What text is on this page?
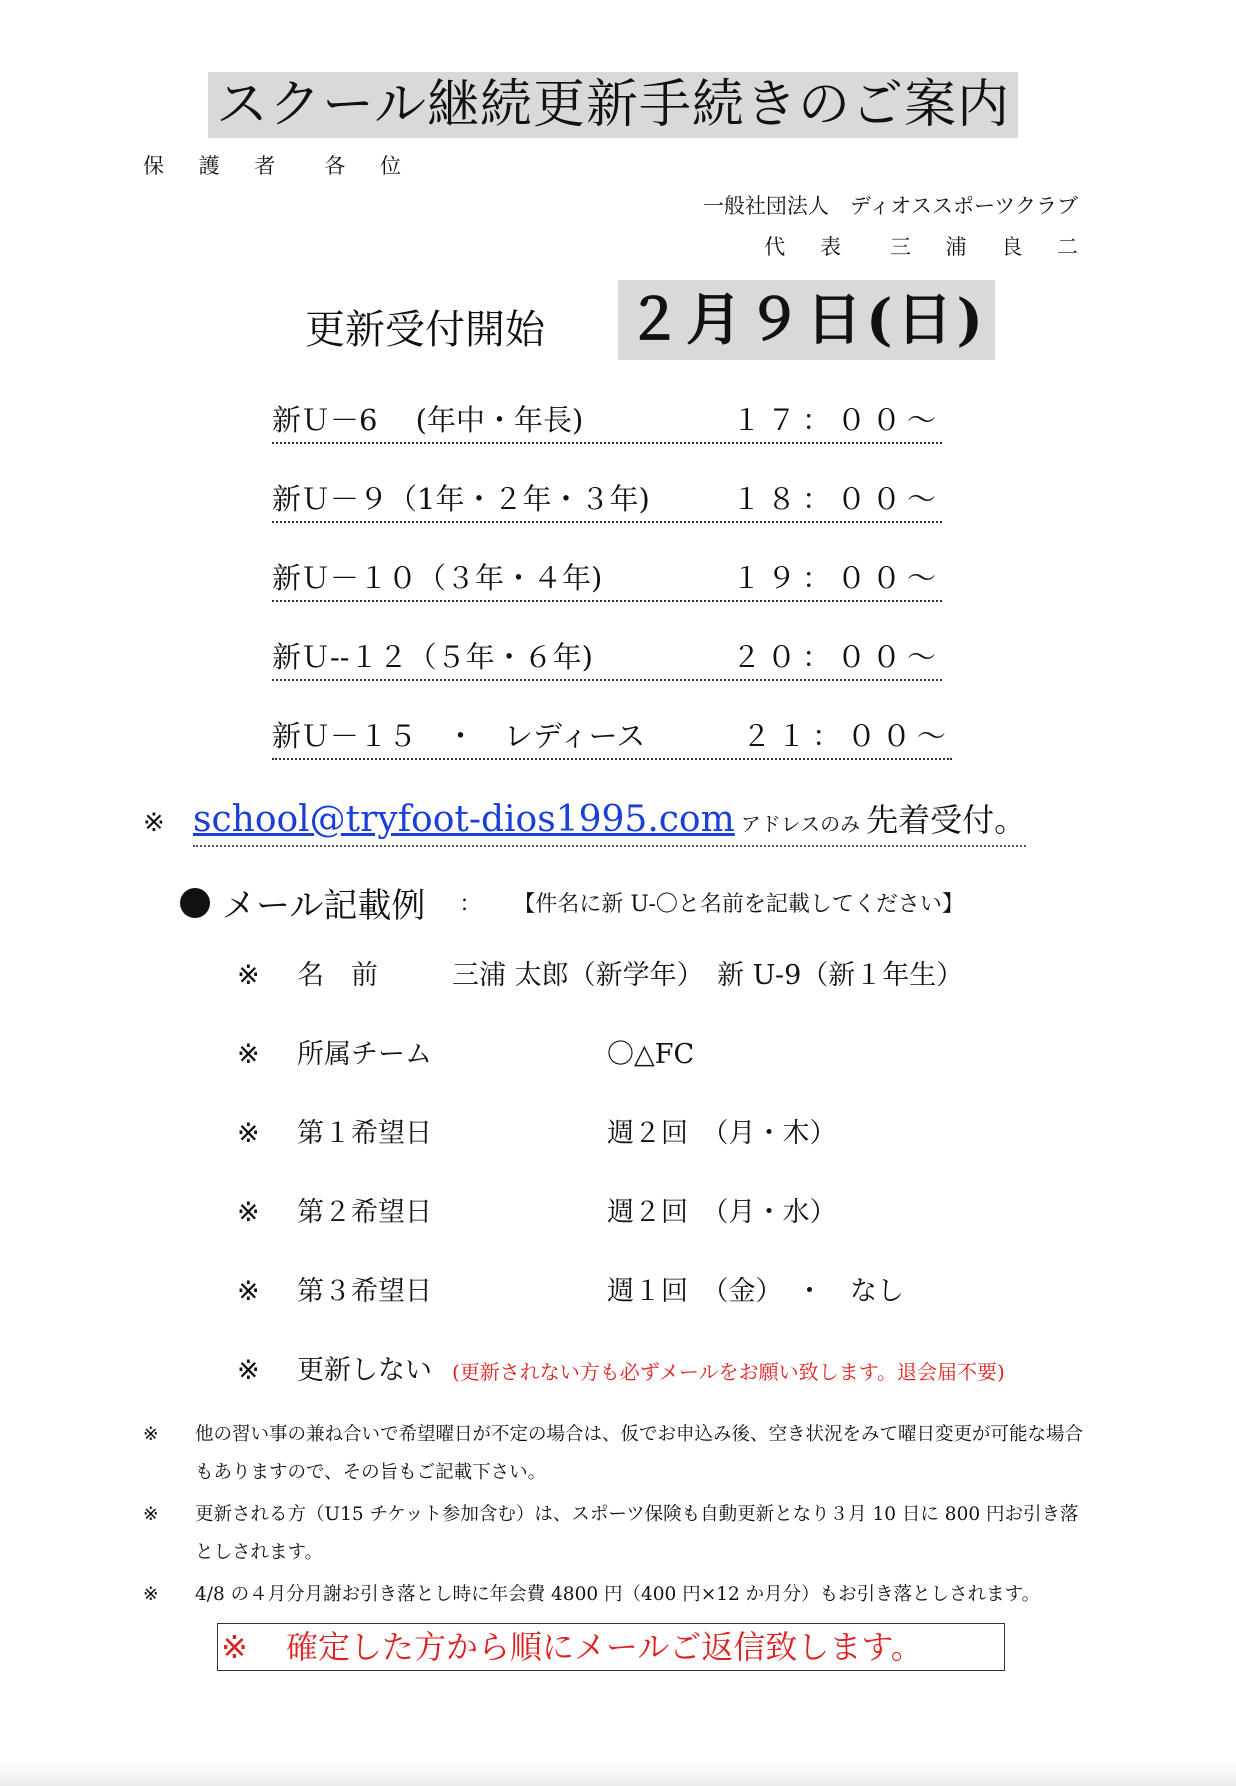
スクール継続更新手続きのご案内
保 護 者　各 位
一般社団法人　ディオススポーツクラブ
代 表　三 浦 良 二
更新受付開始 ２月９日(日)
新Ｕ－6　 (年中・年長)	１７：００～
新Ｕ－９（1年・２年・３年)	１８：００～
新Ｕ－１０（３年・４年)	１９：００～
新Ｕ--１２（５年・６年)	２０：００～
新Ｕ－１５　・　レディース	２１：００～
※ school@tryfoot-dios1995.com アドレスのみ 先着受付。
メール記載例 ： 【件名に新 U-〇と名前を記載してください】
※	名　前	三浦 太郎（新学年）　新 U-9（新１年生）
※	所属チーム	〇△FC
※	第１希望日	週２回　（月・木）
※	第２希望日	週２回　（月・水）
※	第３希望日	週１回　（金）　・　なし
※	更新しない	(更新されない方も必ずメールをお願い致します。退会届不要)
※	他の習い事の兼ね合いで希望曜日が不定の場合は、仮でお申込み後、空き状況をみて曜日変更が可能な場合もありますので、その旨もご記載下さい。
※	更新される方（U15 チケット参加含む）は、スポーツ保険も自動更新となり３月 10 日に 800 円お引き落としされます。
※	4/8 の４月分月謝お引き落とし時に年会費 4800 円（400 円×12 か月分）もお引き落としされます。
※ 確定した方から順にメールご返信致します。
